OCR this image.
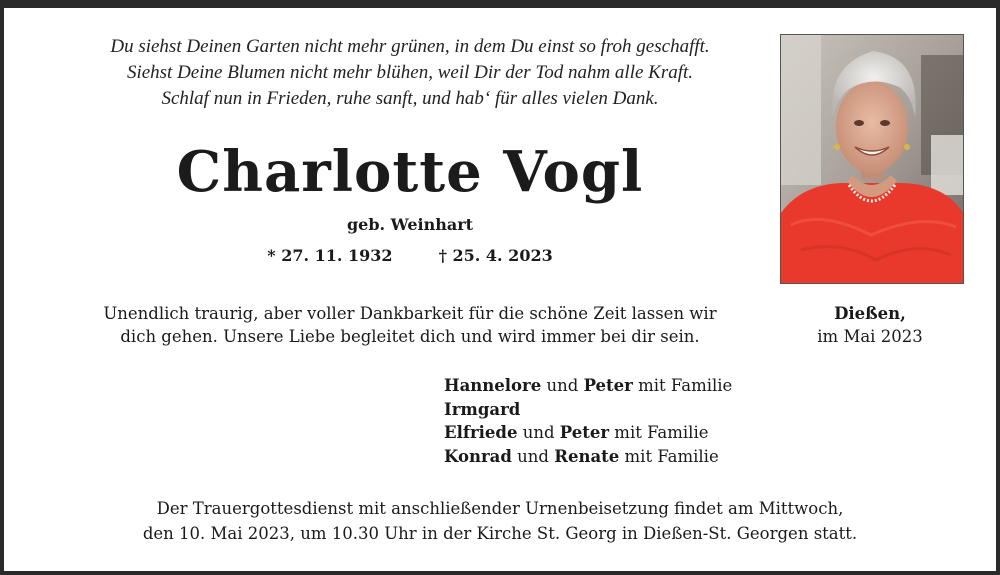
Du siehst Deinen Garten nicht mehr grünen, in dem Du einst so froh geschafft.
Siehst Deine Blumen nicht mehr blühen, weil Dir der Tod nahm alle Kraft.
Schlaf nun in Frieden, ruhe sanft, und hab‘ für alles vielen Dank.
Charlotte Vogl
geb. Weinhart
* 27. 11. 1932	† 25. 4. 2023
Unendlich traurig, aber voller Dankbarkeit für die schöne Zeit lassen wir
dich gehen. Unsere Liebe begleitet dich und wird immer bei dir sein.
Dießen,
im Mai 2023
Hannelore und Peter mit Familie
Irmgard
Elfriede und Peter mit Familie
Konrad und Renate mit Familie
Der Trauergottesdienst mit anschließender Urnenbeisetzung findet am Mittwoch,
den 10. Mai 2023, um 10.30 Uhr in der Kirche St. Georg in Dießen-St. Georgen statt.
